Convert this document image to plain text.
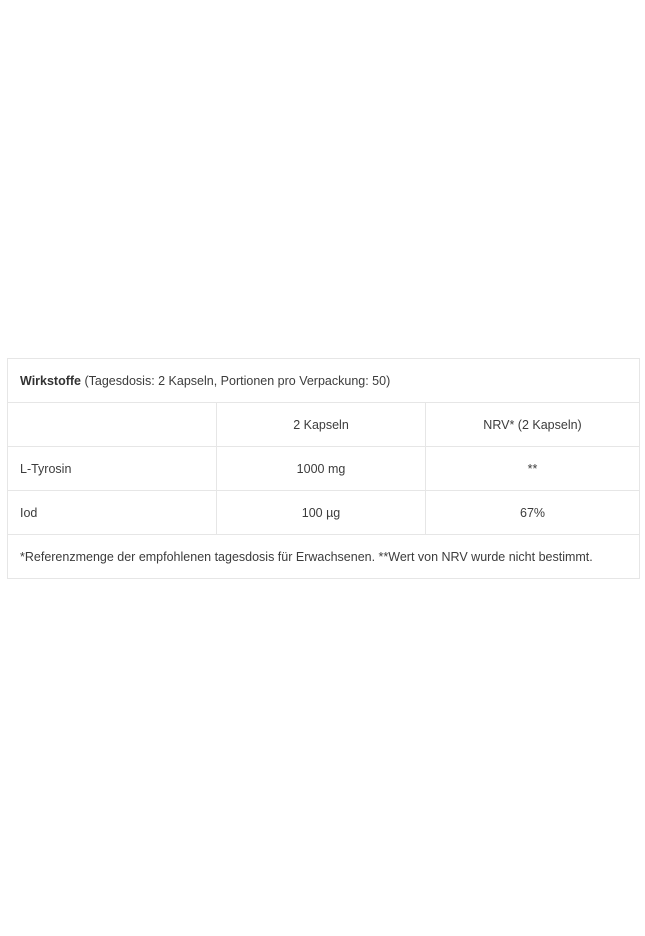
Wirkstoffe (Tagesdosis: 2 Kapseln, Portionen pro Verpackung: 50)		
	2 Kapseln	NRV* (2 Kapseln)
L-Tyrosin	1000 mg	**
Iod	100 µg	67%
*Referenzmenge der empfohlenen tagesdosis für Erwachsenen. **Wert von NRV wurde nicht bestimmt.		
